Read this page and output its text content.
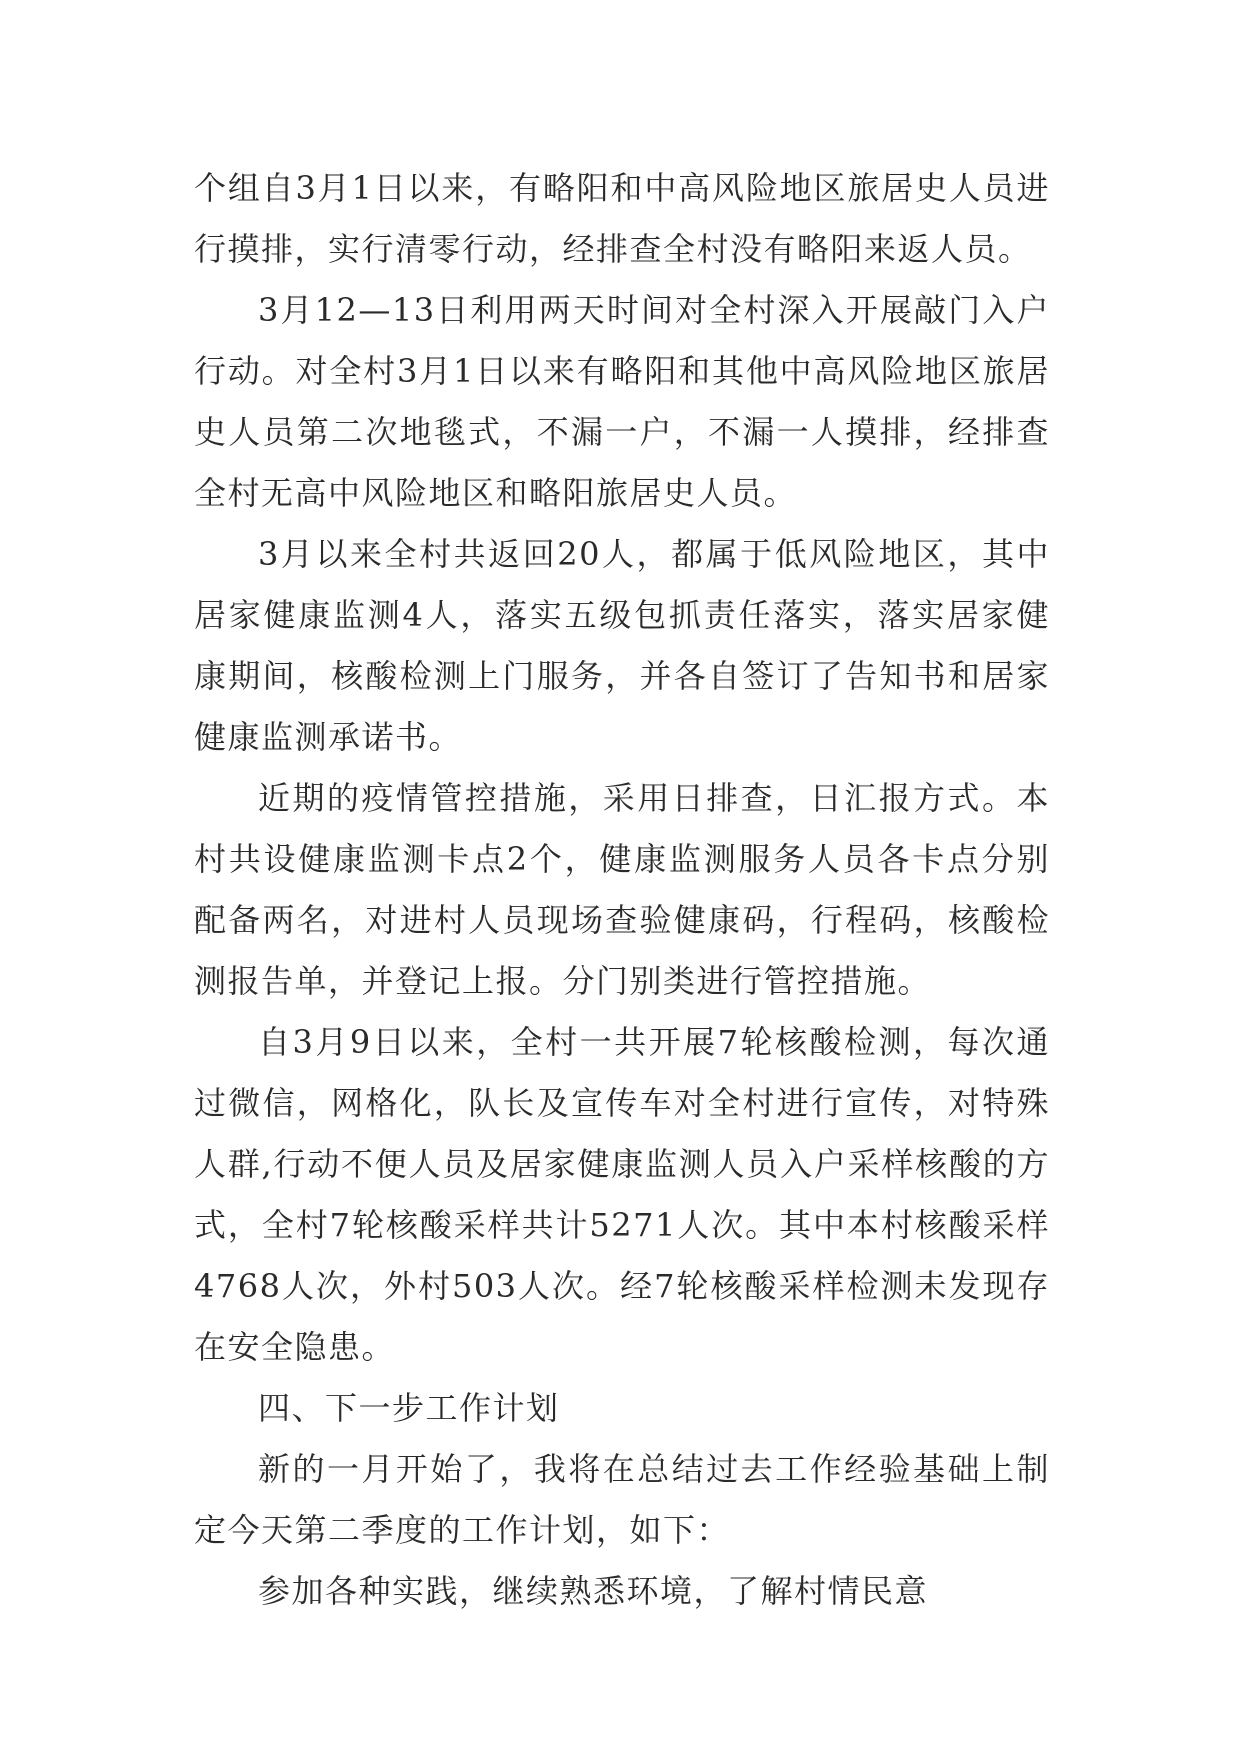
个组自3月1日以来，有略阳和中高风险地区旅居史人员进行摸排，实行清零行动，经排查全村没有略阳来返人员。

3月12—13日利用两天时间对全村深入开展敲门入户行动。对全村3月1日以来有略阳和其他中高风险地区旅居史人员第二次地毯式，不漏一户，不漏一人摸排，经排查全村无高中风险地区和略阳旅居史人员。

3月以来全村共返回20人，都属于低风险地区，其中居家健康监测4人，落实五级包抓责任落实，落实居家健康期间，核酸检测上门服务，并各自签订了告知书和居家健康监测承诺书。

近期的疫情管控措施，采用日排查，日汇报方式。本村共设健康监测卡点2个，健康监测服务人员各卡点分别配备两名，对进村人员现场查验健康码，行程码，核酸检测报告单，并登记上报。分门别类进行管控措施。

自3月9日以来，全村一共开展7轮核酸检测，每次通过微信，网格化，队长及宣传车对全村进行宣传，对特殊人群,行动不便人员及居家健康监测人员入户采样核酸的方式，全村7轮核酸采样共计5271人次。其中本村核酸采样4768人次，外村503人次。经7轮核酸采样检测未发现存在安全隐患。

四、下一步工作计划

新的一月开始了，我将在总结过去工作经验基础上制定今天第二季度的工作计划，如下：

参加各种实践，继续熟悉环境，了解村情民意
